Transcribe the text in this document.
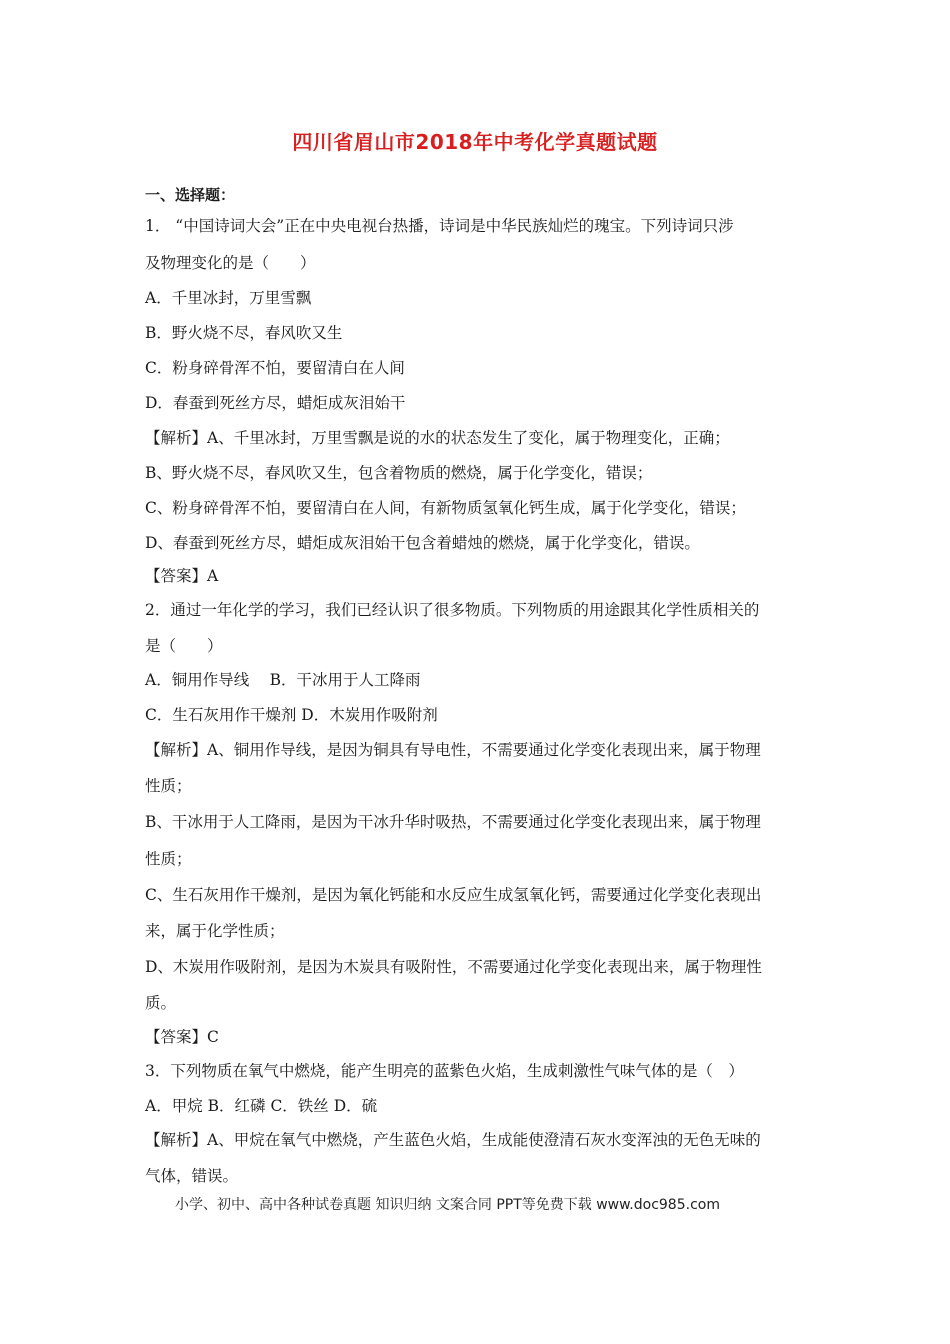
四川省眉山市2018年中考化学真题试题
一、选择题：
1． “中国诗词大会”正在中央电视台热播，诗词是中华民族灿烂的瑰宝。下列诗词只涉
及物理变化的是（　　）
A．千里冰封，万里雪飘
B．野火烧不尽，春风吹又生
C．粉身碎骨浑不怕，要留清白在人间
D．春蚕到死丝方尽，蜡炬成灰泪始干
【解析】A、千里冰封，万里雪飘是说的水的状态发生了变化，属于物理变化，正确；
B、野火烧不尽，春风吹又生，包含着物质的燃烧，属于化学变化，错误；
C、粉身碎骨浑不怕，要留清白在人间，有新物质氢氧化钙生成，属于化学变化，错误；
D、春蚕到死丝方尽，蜡炬成灰泪始干包含着蜡烛的燃烧，属于化学变化，错误。
【答案】A
2．通过一年化学的学习，我们已经认识了很多物质。下列物质的用途跟其化学性质相关的
是（　　）
A．铜用作导线　 B．干冰用于人工降雨
C．生石灰用作干燥剂 D．木炭用作吸附剂
【解析】A、铜用作导线，是因为铜具有导电性，不需要通过化学变化表现出来，属于物理
性质；
B、干冰用于人工降雨，是因为干冰升华时吸热，不需要通过化学变化表现出来，属于物理
性质；
C、生石灰用作干燥剂，是因为氧化钙能和水反应生成氢氧化钙，需要通过化学变化表现出
来，属于化学性质；
D、木炭用作吸附剂，是因为木炭具有吸附性，不需要通过化学变化表现出来，属于物理性
质。
【答案】C
3．下列物质在氧气中燃烧，能产生明亮的蓝紫色火焰，生成刺激性气味气体的是（　）
A．甲烷 B．红磷 C．铁丝 D．硫
【解析】A、甲烷在氧气中燃烧，产生蓝色火焰，生成能使澄清石灰水变浑浊的无色无味的
气体，错误。
小学、初中、高中各种试卷真题 知识归纳 文案合同 PPT等免费下载 www.doc985.com
